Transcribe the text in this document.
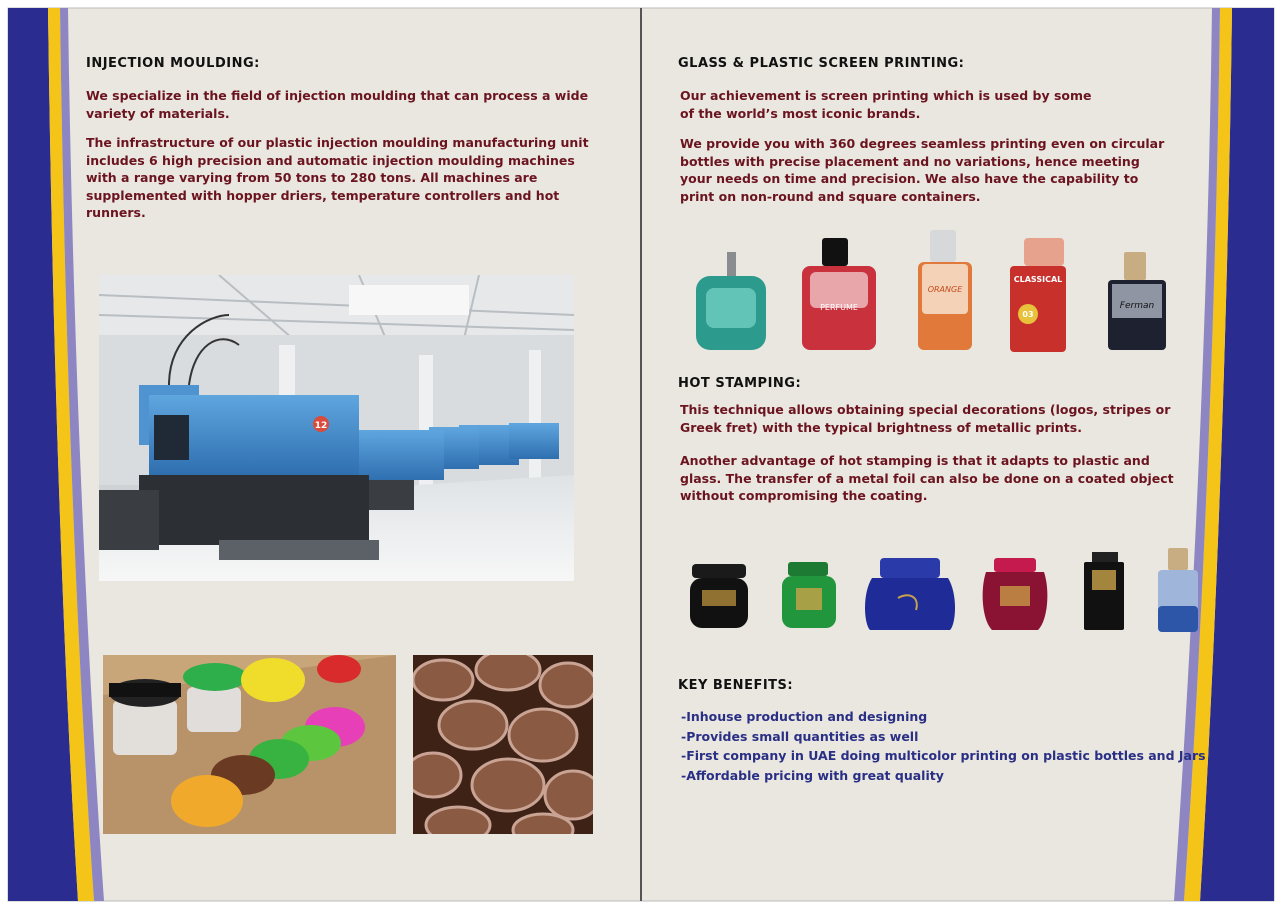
INJECTION MOULDING:
We specialize in the field of injection moulding that can process a wide variety of materials.
The infrastructure of our plastic injection moulding manufacturing unit includes 6 high precision and automatic injection moulding machines with a range varying from 50 tons to 280 tons. All machines are supplemented with hopper driers, temperature controllers and hot runners.
12
GLASS & PLASTIC SCREEN PRINTING:
Our achievement is screen printing which is used by some of the world’s most iconic brands.
We provide you with 360 degrees seamless printing even on circular bottles with precise placement and no variations, hence meeting your needs on time and precision. We also have the capability to print on non-round and square containers.
PERFUME
ORANGE
CLASSICAL
03
Ferman
HOT STAMPING:
This technique allows obtaining special decorations (logos, stripes or Greek fret) with the typical brightness of metallic prints.
Another advantage of hot stamping is that it adapts to plastic and glass. The transfer of a metal foil can also be done on a coated object without compromising the coating.
KEY BENEFITS:
-Inhouse production and designing
-Provides small quantities as well
-First company in UAE doing multicolor printing on plastic bottles and Jars
-Affordable pricing with great quality
